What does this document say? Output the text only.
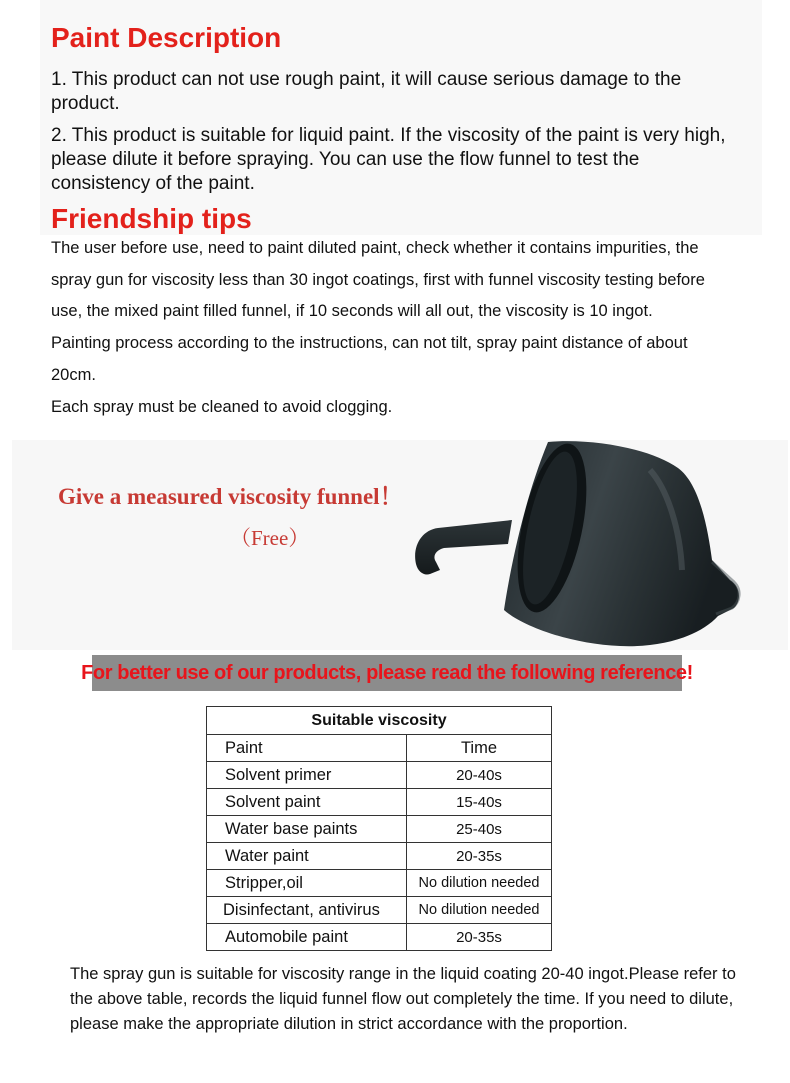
Paint Description

1. This product can not use rough paint, it will cause serious damage to the product.

2. This product is suitable for liquid paint. If the viscosity of the paint is very high, please dilute it before spraying. You can use the flow funnel to test the consistency of the paint.

Friendship tips

The user before use, need to paint diluted paint, check whether it contains impurities, the

spray gun for viscosity less than 30 ingot coatings, first with funnel viscosity testing before

use, the mixed paint filled funnel, if 10 seconds will all out, the viscosity is 10 ingot.

Painting process according to the instructions, can not tilt, spray paint distance of about

20cm.

Each spray must be cleaned to avoid clogging.

Give a measured viscosity funnel！

（Free）

For better use of our products, please read the following reference!
Suitable viscosity	
Paint	Time
Solvent primer	20-40s
Solvent paint	15-40s
Water base paints	25-40s
Water paint	20-35s
Stripper,oil	No dilution needed
Disinfectant, antivirus	No dilution needed
Automobile paint	20-35s

The spray gun is suitable for viscosity range in the liquid coating 20-40 ingot.Please refer to the above table, records the liquid funnel flow out completely the time. If you need to dilute, please make the appropriate dilution in strict accordance with the proportion.
